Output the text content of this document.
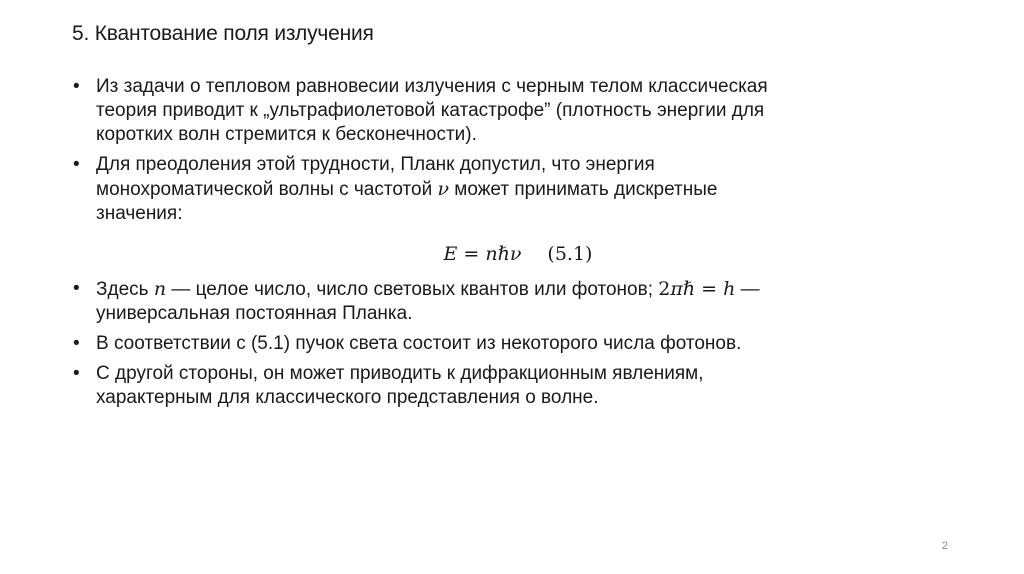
5. Квантование поля излучения
• Из задачи о тепловом равновесии излучения с черным телом классическая
теория приводит к „ультрафиолетовой катастрофе” (плотность энергии для
коротких волн стремится к бесконечности).
• Для преодоления этой трудности, Планк допустил, что энергия
монохроматической волны с частотой ν может принимать дискретные
значения:
E = nℏν (5.1)
• Здесь n — целое число, число световых квантов или фотонов; 2πℏ = h —
универсальная постоянная Планка.
• В соответствии с (5.1) пучок света состоит из некоторого числа фотонов.
• С другой стороны, он может приводить к дифракционным явлениям,
характерным для классического представления о волне.
2
